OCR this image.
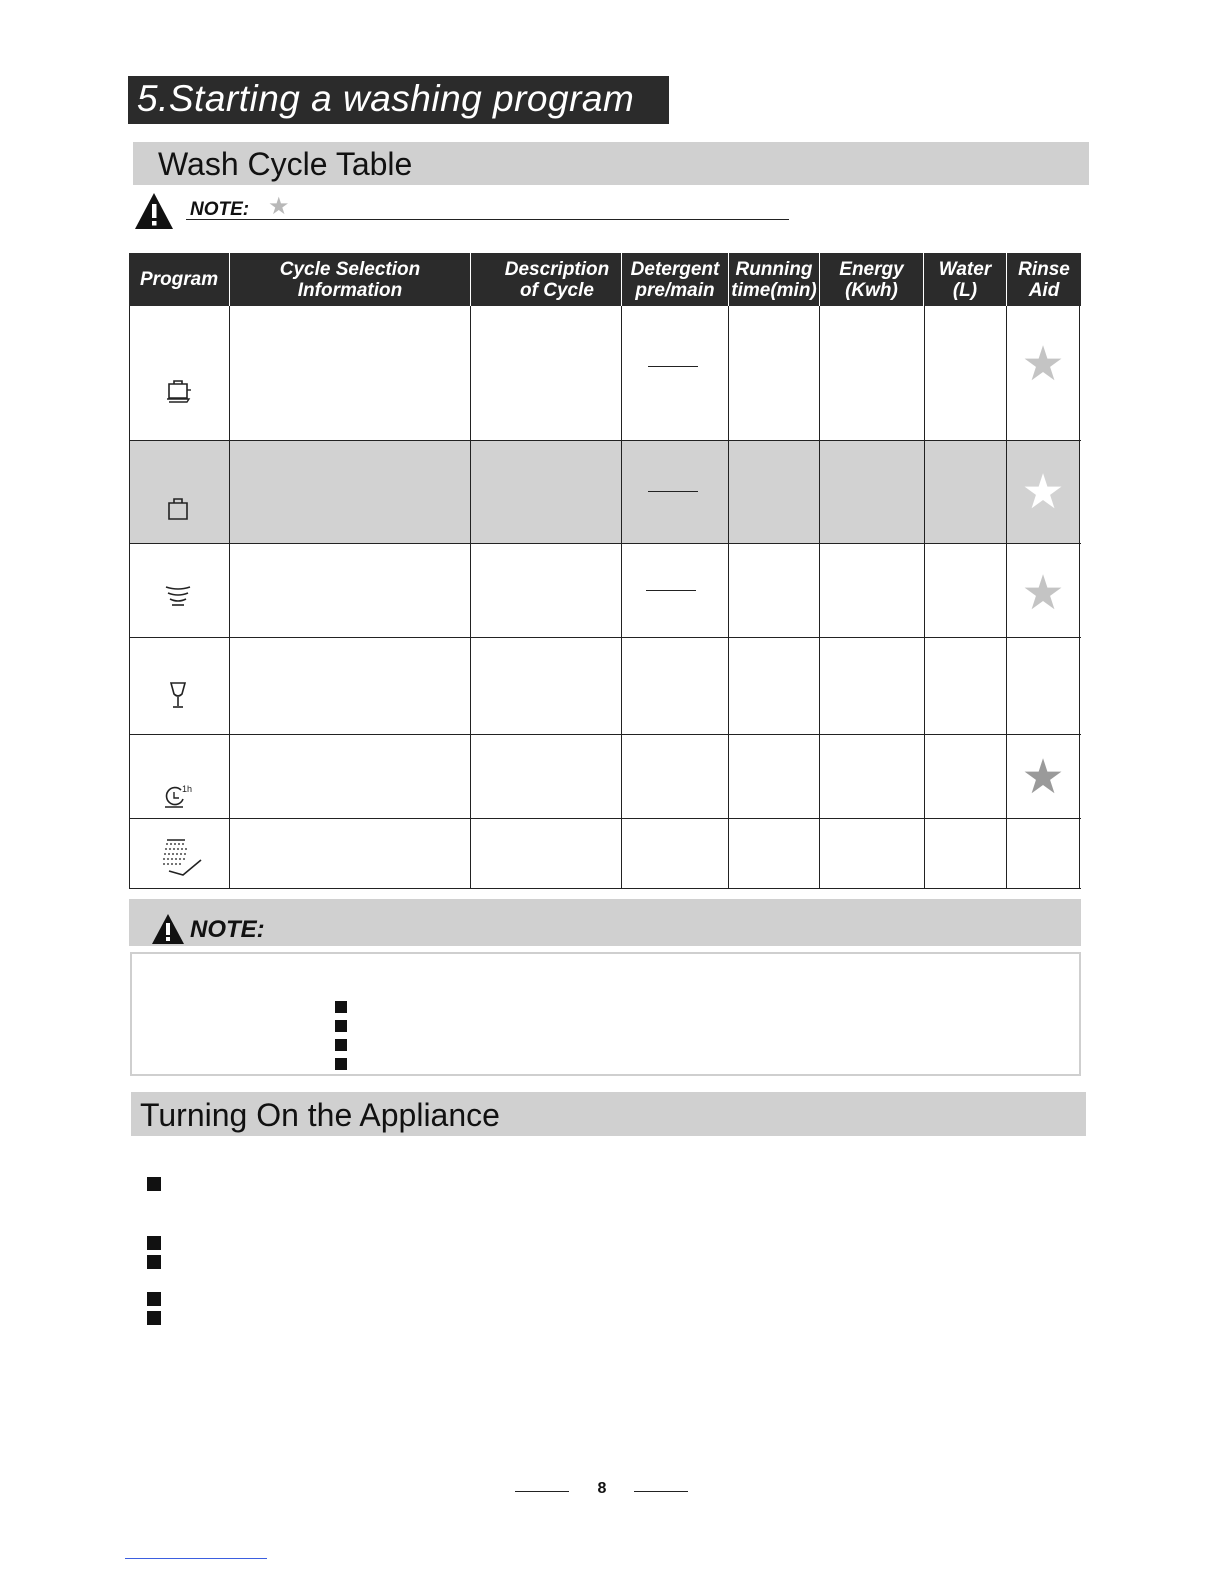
5.Starting a washing program
Wash Cycle Table
NOTE: ★
Program	Cycle Selection Information
Description of Cycle
Detergent pre/main
Running time(min)
Energy (Kwh)
Water (L)
Rinse Aid
★
★
★
★
1h
NOTE:
Turning On the Appliance
8
